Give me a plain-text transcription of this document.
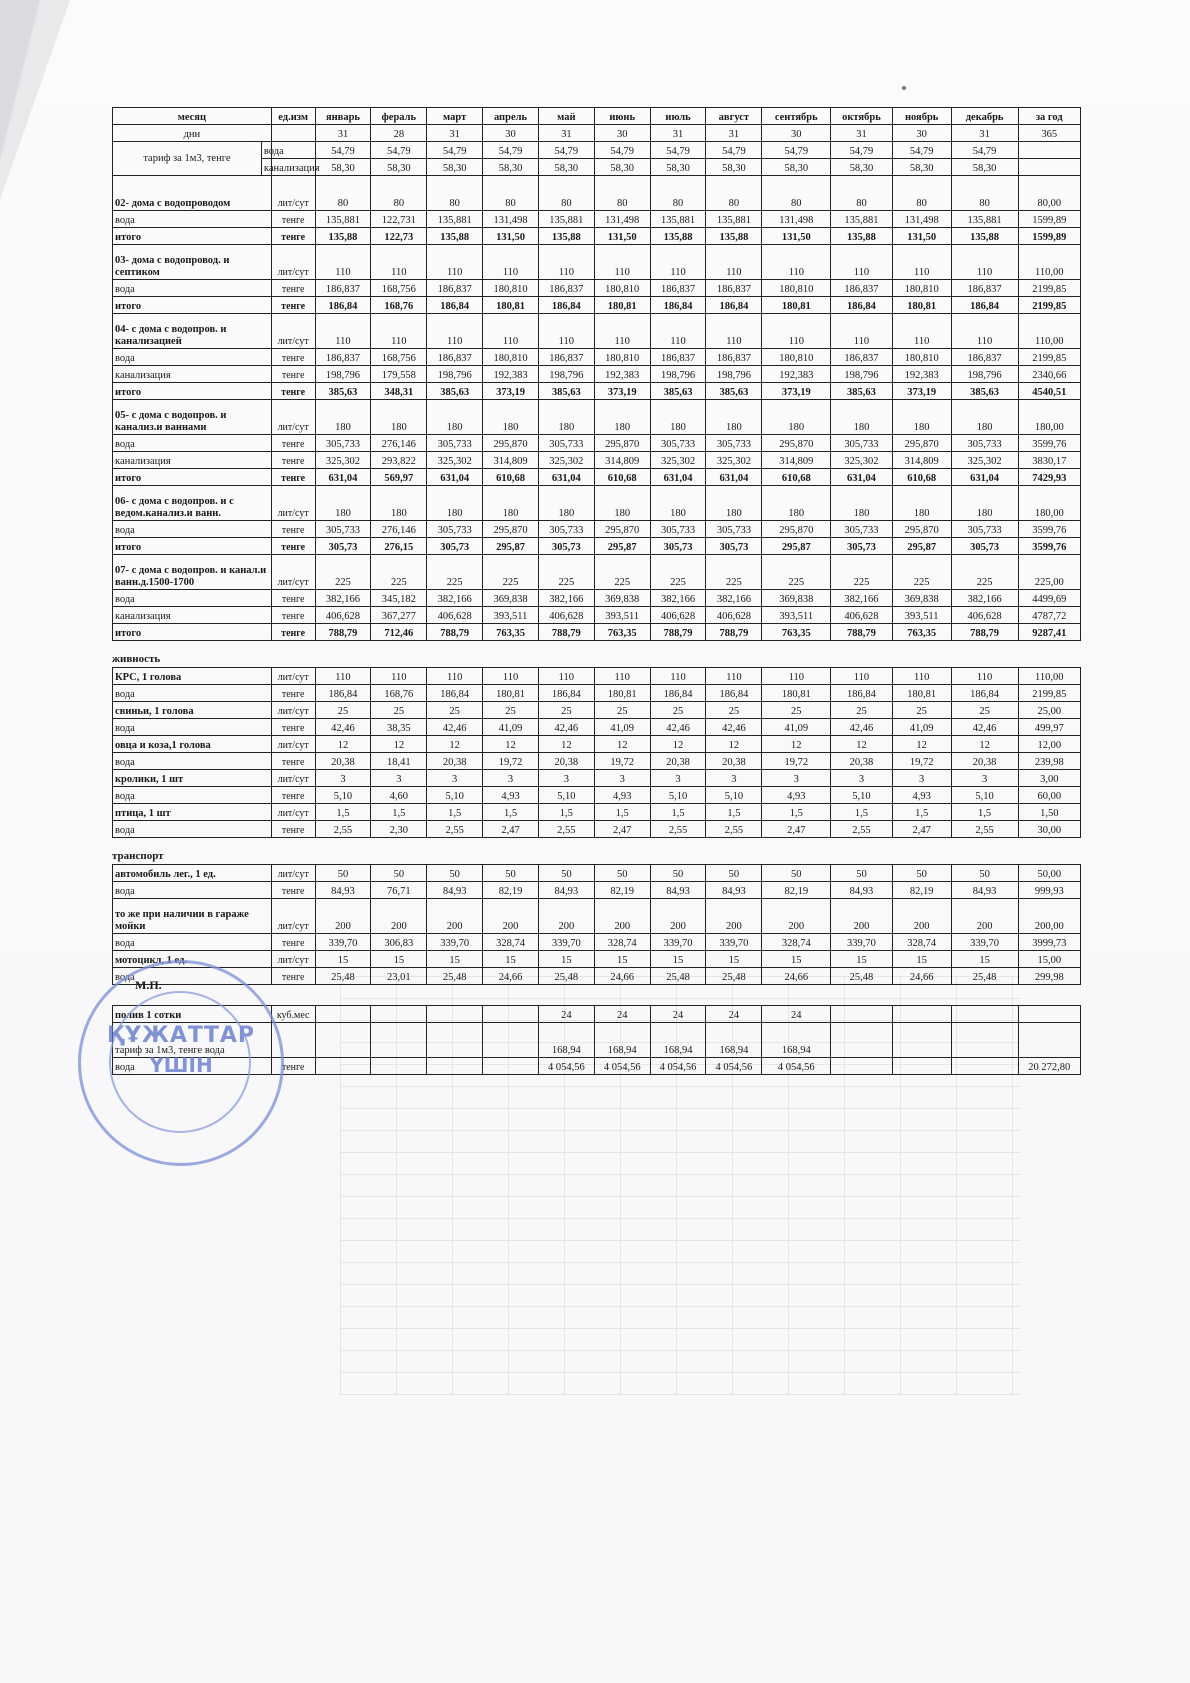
месяц		ед.изм	январь	фераль	март	апрель	май	июнь	июль	август	сентябрь	октябрь	ноябрь	декабрь	за год
дни			31	28	31	30	31	30	31	31	30	31	30	31	365
тариф за 1м3, тенге	вода		54,79	54,79	54,79	54,79	54,79	54,79	54,79	54,79	54,79	54,79	54,79	54,79	
	канализация		58,30	58,30	58,30	58,30	58,30	58,30	58,30	58,30	58,30	58,30	58,30	58,30	
02- дома с водопроводом		лит/сут	80	80	80	80	80	80	80	80	80	80	80	80	80,00
вода		тенге	135,881	122,731	135,881	131,498	135,881	131,498	135,881	135,881	131,498	135,881	131,498	135,881	1599,89
итого		тенге	135,88	122,73	135,88	131,50	135,88	131,50	135,88	135,88	131,50	135,88	131,50	135,88	1599,89
03- дома с водопровод. и септиком		лит/сут	110	110	110	110	110	110	110	110	110	110	110	110	110,00
вода		тенге	186,837	168,756	186,837	180,810	186,837	180,810	186,837	186,837	180,810	186,837	180,810	186,837	2199,85
итого		тенге	186,84	168,76	186,84	180,81	186,84	180,81	186,84	186,84	180,81	186,84	180,81	186,84	2199,85
04- с дома с водопров. и канализацией		лит/сут	110	110	110	110	110	110	110	110	110	110	110	110	110,00
вода		тенге	186,837	168,756	186,837	180,810	186,837	180,810	186,837	186,837	180,810	186,837	180,810	186,837	2199,85
канализация		тенге	198,796	179,558	198,796	192,383	198,796	192,383	198,796	198,796	192,383	198,796	192,383	198,796	2340,66
итого		тенге	385,63	348,31	385,63	373,19	385,63	373,19	385,63	385,63	373,19	385,63	373,19	385,63	4540,51
05- с дома с водопров. и канализ.и ваннами		лит/сут	180	180	180	180	180	180	180	180	180	180	180	180	180,00
вода		тенге	305,733	276,146	305,733	295,870	305,733	295,870	305,733	305,733	295,870	305,733	295,870	305,733	3599,76
канализация		тенге	325,302	293,822	325,302	314,809	325,302	314,809	325,302	325,302	314,809	325,302	314,809	325,302	3830,17
итого		тенге	631,04	569,97	631,04	610,68	631,04	610,68	631,04	631,04	610,68	631,04	610,68	631,04	7429,93
06- с дома с водопров. и с ведом.канализ.и ванн.		лит/сут	180	180	180	180	180	180	180	180	180	180	180	180	180,00
вода		тенге	305,733	276,146	305,733	295,870	305,733	295,870	305,733	305,733	295,870	305,733	295,870	305,733	3599,76
итого		тенге	305,73	276,15	305,73	295,87	305,73	295,87	305,73	305,73	295,87	305,73	295,87	305,73	3599,76
07- с дома с водопров. и канал.и ванн.д.1500-1700		лит/сут	225	225	225	225	225	225	225	225	225	225	225	225	225,00
вода		тенге	382,166	345,182	382,166	369,838	382,166	369,838	382,166	382,166	369,838	382,166	369,838	382,166	4499,69
канализация		тенге	406,628	367,277	406,628	393,511	406,628	393,511	406,628	406,628	393,511	406,628	393,511	406,628	4787,72
итого		тенге	788,79	712,46	788,79	763,35	788,79	763,35	788,79	788,79	763,35	788,79	763,35	788,79	9287,41
живность
КРС, 1 голова	лит/сут	110	110	110	110	110	110	110	110	110	110	110	110	110,00
вода	тенге	186,84	168,76	186,84	180,81	186,84	180,81	186,84	186,84	180,81	186,84	180,81	186,84	2199,85
свиньи, 1 голова	лит/сут	25	25	25	25	25	25	25	25	25	25	25	25	25,00
вода	тенге	42,46	38,35	42,46	41,09	42,46	41,09	42,46	42,46	41,09	42,46	41,09	42,46	499,97
овца и коза,1 голова	лит/сут	12	12	12	12	12	12	12	12	12	12	12	12	12,00
вода	тенге	20,38	18,41	20,38	19,72	20,38	19,72	20,38	20,38	19,72	20,38	19,72	20,38	239,98
кролики, 1 шт	лит/сут	3	3	3	3	3	3	3	3	3	3	3	3	3,00
вода	тенге	5,10	4,60	5,10	4,93	5,10	4,93	5,10	5,10	4,93	5,10	4,93	5,10	60,00
птица, 1 шт	лит/сут	1,5	1,5	1,5	1,5	1,5	1,5	1,5	1,5	1,5	1,5	1,5	1,5	1,50
вода	тенге	2,55	2,30	2,55	2,47	2,55	2,47	2,55	2,55	2,47	2,55	2,47	2,55	30,00
транспорт
автомобиль лег., 1 ед.	лит/сут	50	50	50	50	50	50	50	50	50	50	50	50	50,00
вода	тенге	84,93	76,71	84,93	82,19	84,93	82,19	84,93	84,93	82,19	84,93	82,19	84,93	999,93
то же при наличии в гараже мойки	лит/сут	200	200	200	200	200	200	200	200	200	200	200	200	200,00
вода	тенге	339,70	306,83	339,70	328,74	339,70	328,74	339,70	339,70	328,74	339,70	328,74	339,70	3999,73
мотоцикл, 1 ед.	лит/сут	15	15	15	15	15	15	15	15	15	15	15	15	15,00
вода	тенге	25,48	23,01	25,48	24,66	25,48	24,66	25,48	25,48	24,66	25,48	24,66	25,48	299,98
полив 1 сотки	куб.мес					24	24	24	24	24				
тариф за 1м3, тенге вода						168,94	168,94	168,94	168,94	168,94				
вода	тенге					4 054,56	4 054,56	4 054,56	4 054,56	4 054,56				20 272,80
ҚҰЖАТТАР
ҮШІН
М.П.
